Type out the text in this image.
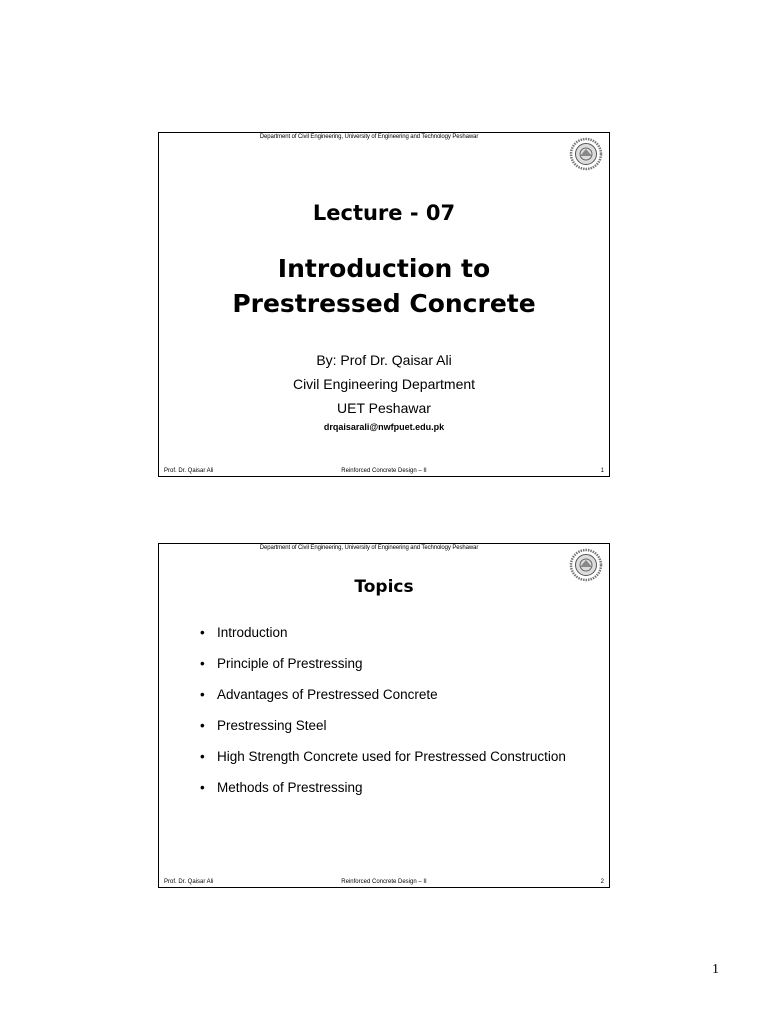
Department of Civil Engineering, University of Engineering and Technology Peshawar
Lecture - 07
Introduction to
Prestressed Concrete
By: Prof Dr. Qaisar Ali
Civil Engineering Department
UET Peshawar
drqaisarali@nwfpuet.edu.pk
Prof. Dr. Qaisar Ali	Reinforced Concrete Design – II	1
Department of Civil Engineering, University of Engineering and Technology Peshawar
Topics
• Introduction
• Principle of Prestressing
• Advantages of Prestressed Concrete
• Prestressing Steel
• High Strength Concrete used for Prestressed Construction
• Methods of Prestressing
Prof. Dr. Qaisar Ali	Reinforced Concrete Design – II	2
1
